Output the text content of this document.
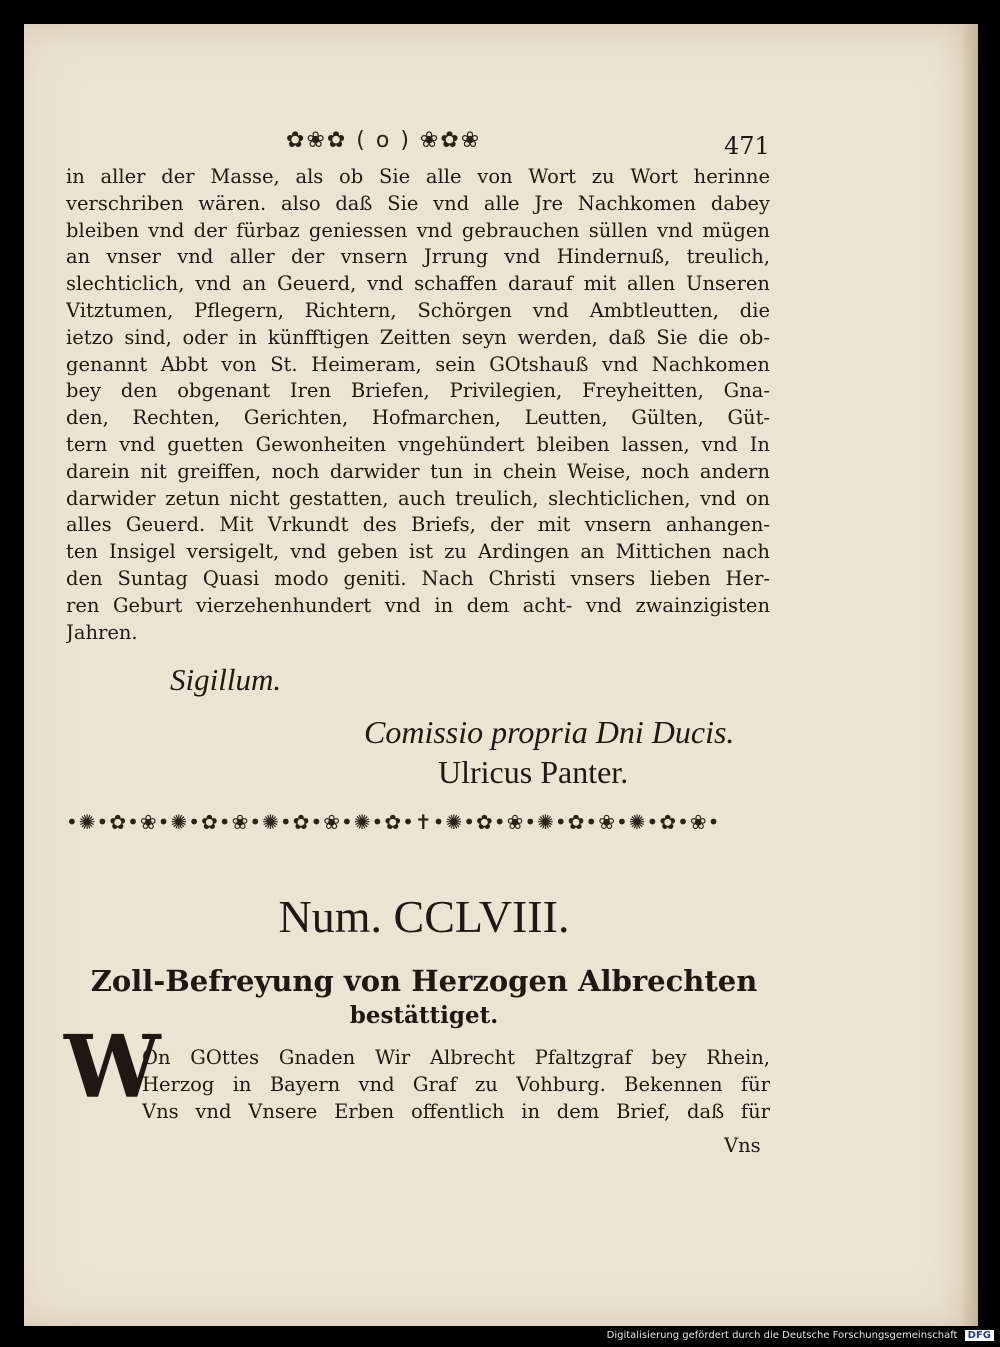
✿❀✿ ( o ) ❀✿❀	471
in aller der Masse, als ob Sie alle von Wort zu Wort herinne
verschriben wären. also daß Sie vnd alle Jre Nachkomen dabey
bleiben vnd der fürbaz geniessen vnd gebrauchen süllen vnd mügen
an vnser vnd aller der vnsern Jrrung vnd Hindernuß, treulich,
slechticlich, vnd an Geuerd, vnd schaffen darauf mit allen Unseren
Vitztumen, Pflegern, Richtern, Schörgen vnd Ambtleutten, die
ietzo sind, oder in künfftigen Zeitten seyn werden, daß Sie die ob-
genannt Abbt von St. Heimeram, sein GOtshauß vnd Nachkomen
bey den obgenant Iren Briefen, Privilegien, Freyheitten, Gna-
den, Rechten, Gerichten, Hofmarchen, Leutten, Gülten, Güt-
tern vnd guetten Gewonheiten vngehündert bleiben lassen, vnd In
darein nit greiffen, noch darwider tun in chein Weise, noch andern
darwider zetun nicht gestatten, auch treulich, slechticlichen, vnd on
alles Geuerd. Mit Vrkundt des Briefs, der mit vnsern anhangen-
ten Insigel versigelt, vnd geben ist zu Ardingen an Mittichen nach
den Suntag Quasi modo geniti. Nach Christi vnsers lieben Her-
ren Geburt vierzehenhundert vnd in dem acht- vnd zwainzigisten
Jahren.
Sigillum.
Comissio propria Dni Ducis.
Ulricus Panter.
•✺•✿•❀•✺•✿•❀•✺•✿•❀•✺•✿•✝•✺•✿•❀•✺•✿•❀•✺•✿•❀•
Num. CCLVIII.
Zoll-Befreyung von Herzogen Albrechten
bestättiget.
W
On GOttes Gnaden Wir Albrecht Pfaltzgraf bey Rhein,
Herzog in Bayern vnd Graf zu Vohburg. Bekennen für
Vns vnd Vnsere Erben offentlich in dem Brief, daß für
Vns
Digitalisierung gefördert durch die Deutsche Forschungsgemeinschaft DFG
